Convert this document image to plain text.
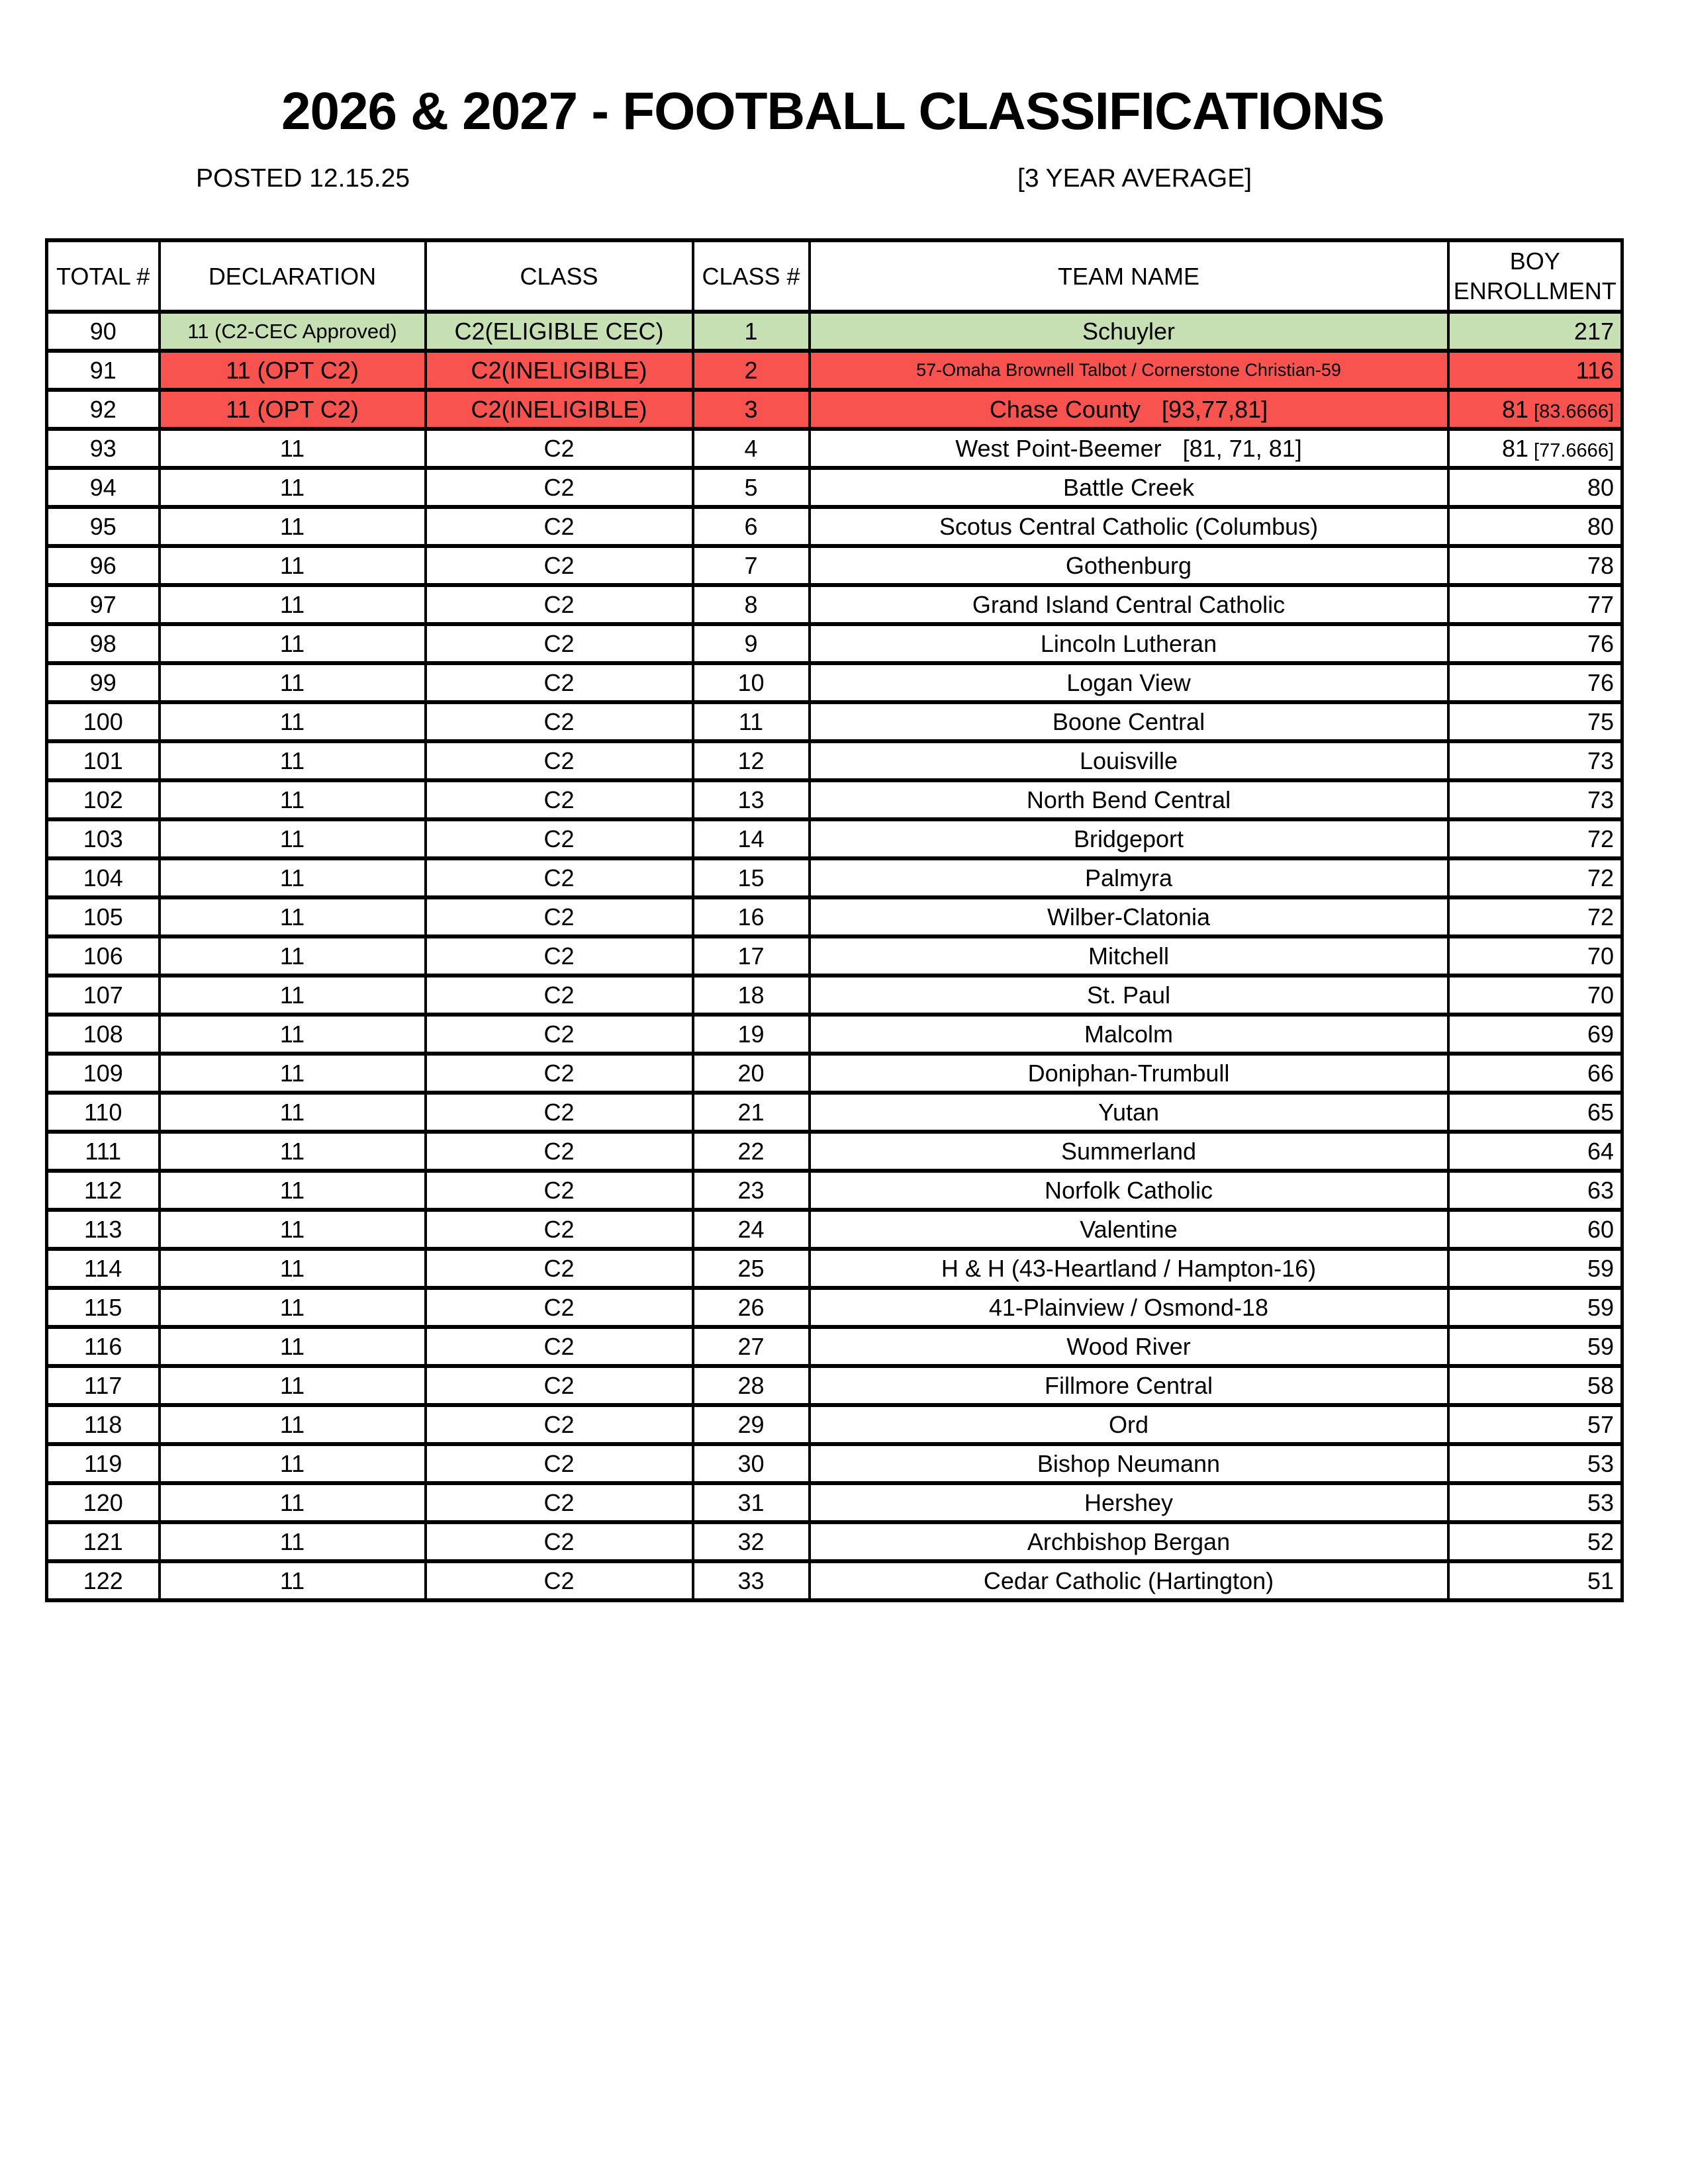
2026 & 2027 - FOOTBALL CLASSIFICATIONS
POSTED 12.15.25	[3 YEAR AVERAGE]
TOTAL #	DECLARATION	CLASS	CLASS #	TEAM NAME	BOY ENROLLMENT
90	11 (C2-CEC Approved)	C2(ELIGIBLE CEC)	1	Schuyler	217
91	11 (OPT C2)	C2(INELIGIBLE)	2	57-Omaha Brownell Talbot / Cornerstone Christian-59	116
92	11 (OPT C2)	C2(INELIGIBLE)	3	Chase County [93,77,81]	81 [83.6666]
93	11	C2	4	West Point-Beemer [81, 71, 81]	81 [77.6666]
94	11	C2	5	Battle Creek	80
95	11	C2	6	Scotus Central Catholic (Columbus)	80
96	11	C2	7	Gothenburg	78
97	11	C2	8	Grand Island Central Catholic	77
98	11	C2	9	Lincoln Lutheran	76
99	11	C2	10	Logan View	76
100	11	C2	11	Boone Central	75
101	11	C2	12	Louisville	73
102	11	C2	13	North Bend Central	73
103	11	C2	14	Bridgeport	72
104	11	C2	15	Palmyra	72
105	11	C2	16	Wilber-Clatonia	72
106	11	C2	17	Mitchell	70
107	11	C2	18	St. Paul	70
108	11	C2	19	Malcolm	69
109	11	C2	20	Doniphan-Trumbull	66
110	11	C2	21	Yutan	65
111	11	C2	22	Summerland	64
112	11	C2	23	Norfolk Catholic	63
113	11	C2	24	Valentine	60
114	11	C2	25	H & H (43-Heartland / Hampton-16)	59
115	11	C2	26	41-Plainview / Osmond-18	59
116	11	C2	27	Wood River	59
117	11	C2	28	Fillmore Central	58
118	11	C2	29	Ord	57
119	11	C2	30	Bishop Neumann	53
120	11	C2	31	Hershey	53
121	11	C2	32	Archbishop Bergan	52
122	11	C2	33	Cedar Catholic (Hartington)	51
